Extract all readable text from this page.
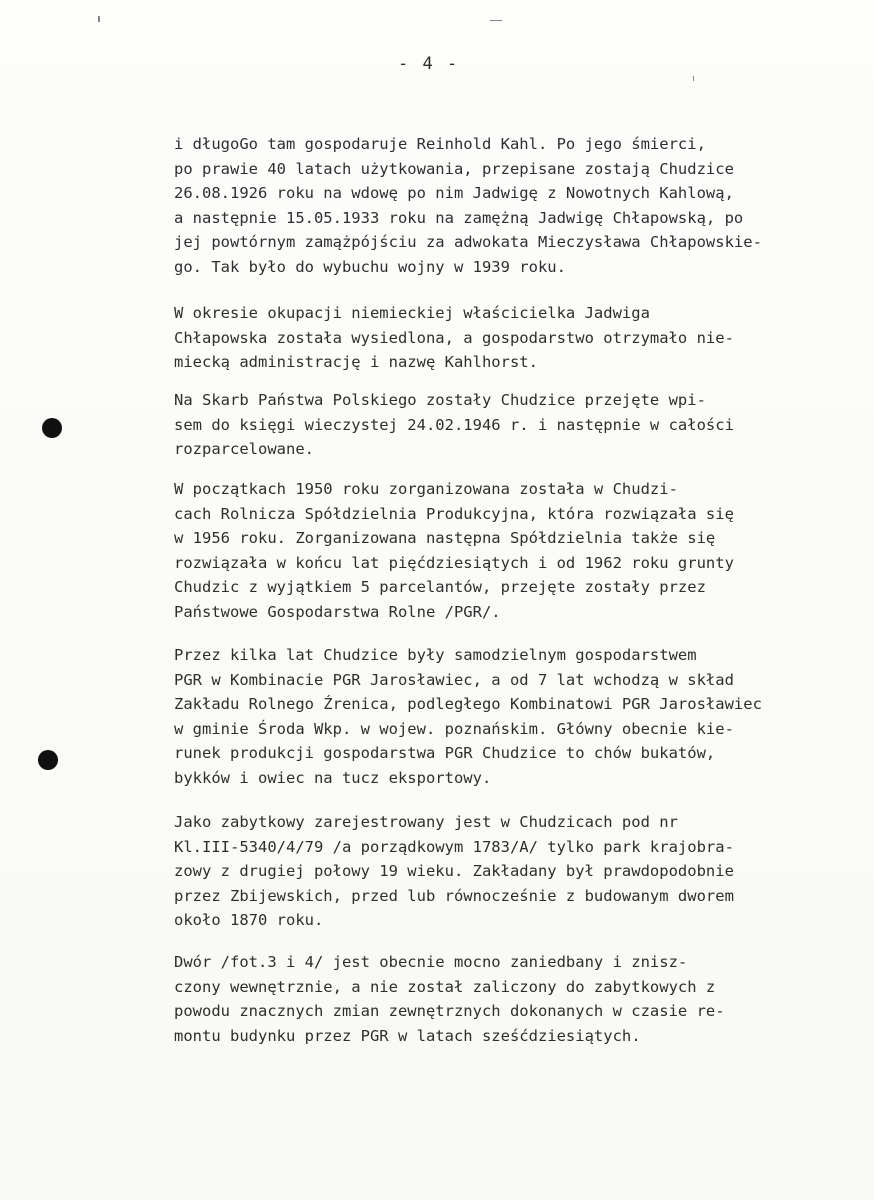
- 4 -
i długoGo tam gospodaruje Reinhold Kahl. Po jego śmierci,
po prawie 40 latach użytkowania, przepisane zostają Chudzice
26.08.1926 roku na wdowę po nim Jadwigę z Nowotnych Kahlową,
a następnie 15.05.1933 roku na zamężną Jadwigę Chłapowską, po
jej powtórnym zamążpójściu za adwokata Mieczysława Chłapowskie-
go. Tak było do wybuchu wojny w 1939 roku.
W okresie okupacji niemieckiej właścicielka Jadwiga
Chłapowska została wysiedlona, a gospodarstwo otrzymało nie-
miecką administrację i nazwę Kahlhorst.
Na Skarb Państwa Polskiego zostały Chudzice przejęte wpi-
sem do księgi wieczystej 24.02.1946 r. i następnie w całości
rozparcelowane.
W początkach 1950 roku zorganizowana została w Chudzi-
cach Rolnicza Spółdzielnia Produkcyjna, która rozwiązała się
w 1956 roku. Zorganizowana następna Spółdzielnia także się
rozwiązała w końcu lat pięćdziesiątych i od 1962 roku grunty
Chudzic z wyjątkiem 5 parcelantów, przejęte zostały przez
Państwowe Gospodarstwa Rolne /PGR/.
Przez kilka lat Chudzice były samodzielnym gospodarstwem
PGR w Kombinacie PGR Jarosławiec, a od 7 lat wchodzą w skład
Zakładu Rolnego Źrenica, podległego Kombinatowi PGR Jarosławiec
w gminie Środa Wkp. w wojew. poznańskim. Główny obecnie kie-
runek produkcji gospodarstwa PGR Chudzice to chów bukatów,
bykków i owiec na tucz eksportowy.
Jako zabytkowy zarejestrowany jest w Chudzicach pod nr
Kl.III-5340/4/79 /a porządkowym 1783/A/ tylko park krajobra-
zowy z drugiej połowy 19 wieku. Zakładany był prawdopodobnie
przez Zbijewskich, przed lub równocześnie z budowanym dworem
około 1870 roku.
Dwór /fot.3 i 4/ jest obecnie mocno zaniedbany i znisz-
czony wewnętrznie, a nie został zaliczony do zabytkowych z
powodu znacznych zmian zewnętrznych dokonanych w czasie re-
montu budynku przez PGR w latach sześćdziesiątych.
